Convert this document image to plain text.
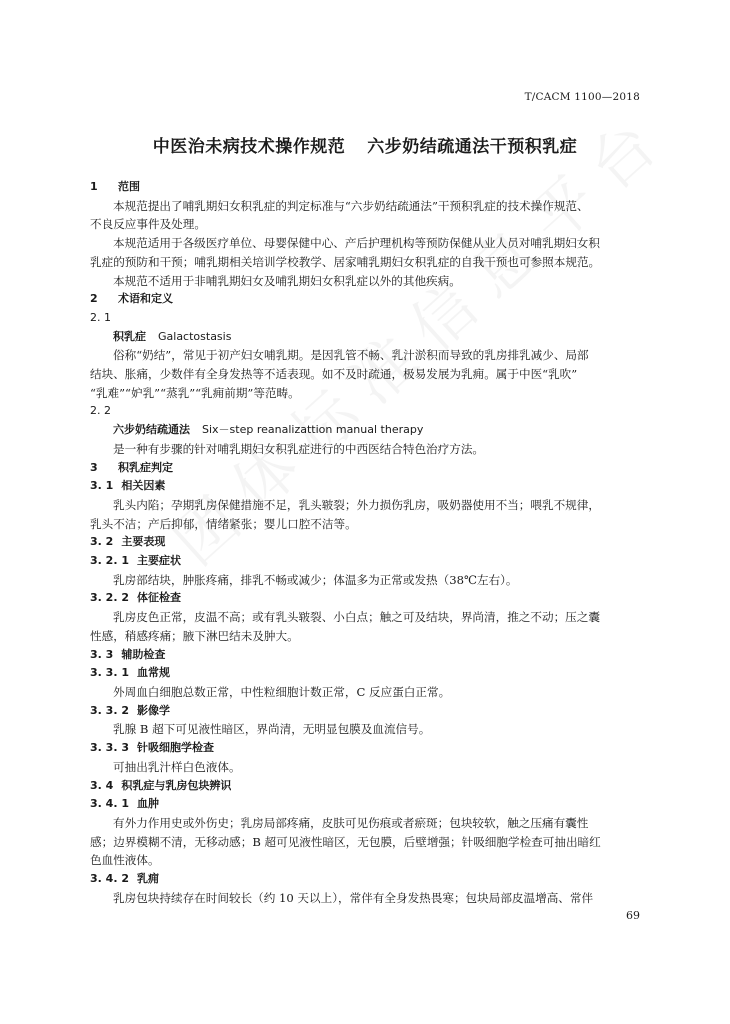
T/CACM 1100—2018
中医治未病技术操作规范 六步奶结疏通法干预积乳症
1 范围
本规范提出了哺乳期妇女积乳症的判定标准与“六步奶结疏通法”干预积乳症的技术操作规范、
不良反应事件及处理。
本规范适用于各级医疗单位、母婴保健中心、产后护理机构等预防保健从业人员对哺乳期妇女积
乳症的预防和干预；哺乳期相关培训学校教学、居家哺乳期妇女积乳症的自我干预也可参照本规范。
本规范不适用于非哺乳期妇女及哺乳期妇女积乳症以外的其他疾病。
2 术语和定义
2. 1
积乳症 Galactostasis
俗称“奶结”，常见于初产妇女哺乳期。是因乳管不畅、乳汁淤积而导致的乳房排乳减少、局部
结块、胀痛，少数伴有全身发热等不适表现。如不及时疏通，极易发展为乳痈。属于中医“乳吹”
“乳难”“妒乳”“蒸乳”“乳痈前期”等范畴。
2. 2
六步奶结疏通法 Six－step reanalizattion manual therapy
是一种有步骤的针对哺乳期妇女积乳症进行的中西医结合特色治疗方法。
3 积乳症判定
3. 1 相关因素
乳头内陷；孕期乳房保健措施不足，乳头皲裂；外力损伤乳房，吸奶器使用不当；喂乳不规律，
乳头不洁；产后抑郁，情绪紧张；婴儿口腔不洁等。
3. 2 主要表现
3. 2. 1 主要症状
乳房部结块，肿胀疼痛，排乳不畅或减少；体温多为正常或发热（38℃左右）。
3. 2. 2 体征检查
乳房皮色正常，皮温不高；或有乳头皲裂、小白点；触之可及结块，界尚清，推之不动；压之囊
性感，稍感疼痛；腋下淋巴结未及肿大。
3. 3 辅助检查
3. 3. 1 血常规
外周血白细胞总数正常，中性粒细胞计数正常，C 反应蛋白正常。
3. 3. 2 影像学
乳腺 B 超下可见液性暗区，界尚清，无明显包膜及血流信号。
3. 3. 3 针吸细胞学检查
可抽出乳汁样白色液体。
3. 4 积乳症与乳房包块辨识
3. 4. 1 血肿
有外力作用史或外伤史；乳房局部疼痛，皮肤可见伤痕或者瘀斑；包块较软，触之压痛有囊性
感；边界模糊不清，无移动感；B 超可见液性暗区，无包膜，后壁增强；针吸细胞学检查可抽出暗红
色血性液体。
3. 4. 2 乳痈
乳房包块持续存在时间较长（约 10 天以上），常伴有全身发热畏寒；包块局部皮温增高、常伴
69
